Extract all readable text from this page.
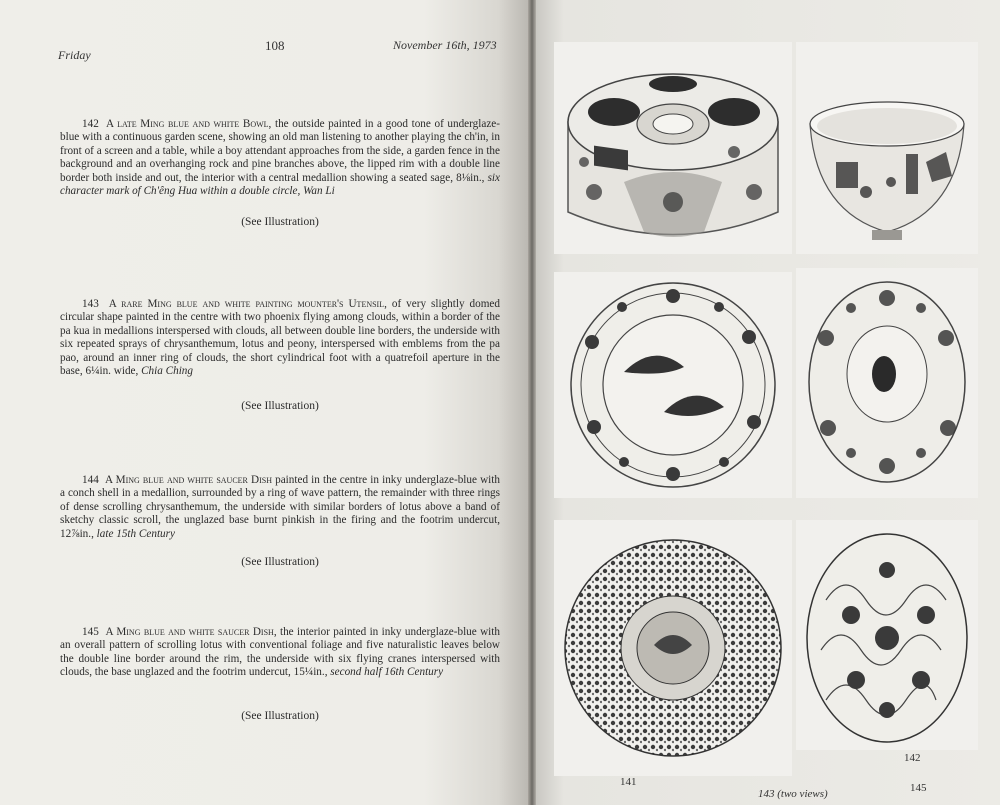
Friday
108	November 16th, 1973
142 A late Ming blue and white Bowl, the outside painted in a good tone of underglaze-blue with a continuous garden scene, showing an old man listening to another playing the ch'in, in front of a screen and a table, while a boy attendant approaches from the side, a garden fence in the background and an overhanging rock and pine branches above, the lipped rim with a double line border both inside and out, the interior with a central medallion showing a seated sage, 8⅛in., six character mark of Ch'êng Hua within a double circle, Wan Li
(See Illustration)
143 A rare Ming blue and white painting mounter's Utensil, of very slightly domed circular shape painted in the centre with two phoenix flying among clouds, within a border of the pa kua in medallions interspersed with clouds, all between double line borders, the underside with six repeated sprays of chrysanthemum, lotus and peony, interspersed with emblems from the pa pao, around an inner ring of clouds, the short cylindrical foot with a quatrefoil aperture in the base, 6¼in. wide, Chia Ching
(See Illustration)
144 A Ming blue and white saucer Dish painted in the centre in inky underglaze-blue with a conch shell in a medallion, surrounded by a ring of wave pattern, the remainder with three rings of dense scrolling chrysanthemum, the underside with similar borders of lotus above a band of sketchy classic scroll, the unglazed base burnt pinkish in the firing and the footrim undercut, 12⅞in., late 15th Century
(See Illustration)
145 A Ming blue and white saucer Dish, the interior painted in inky underglaze-blue with an overall pattern of scrolling lotus with conventional foliage and five naturalistic leaves below the double line border around the rim, the underside with six flying cranes interspersed with clouds, the base unglazed and the footrim undercut, 15¼in., second half 16th Century
(See Illustration)
141
143 (two views)
142
145
